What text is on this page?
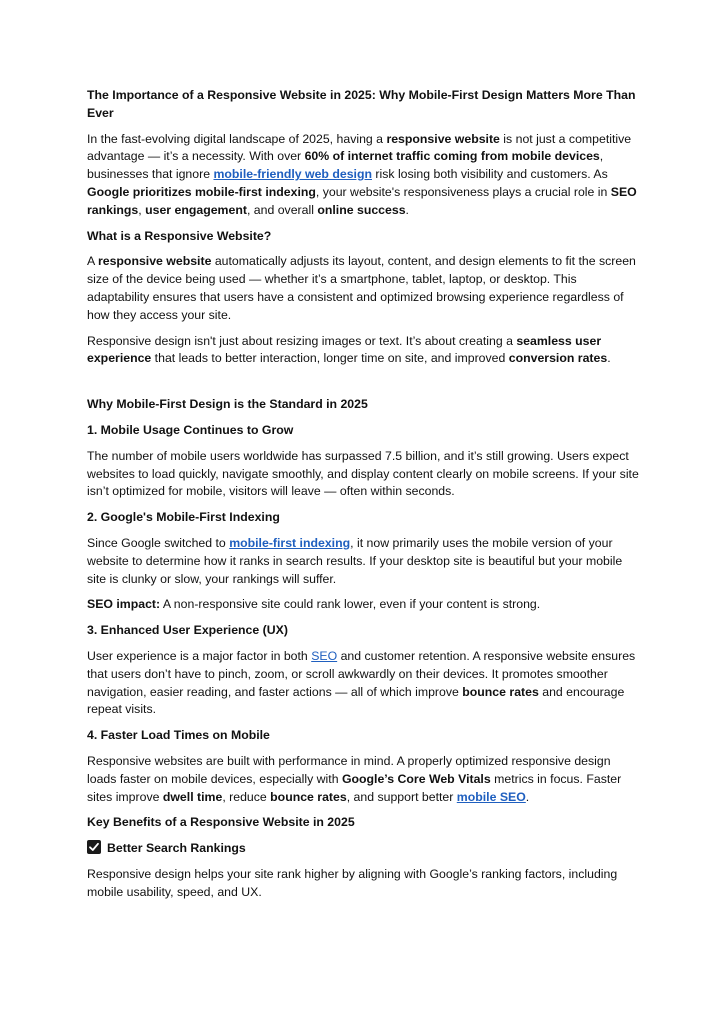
The Importance of a Responsive Website in 2025: Why Mobile-First Design Matters More Than Ever

In the fast-evolving digital landscape of 2025, having a responsive website is not just a competitive advantage — it’s a necessity. With over 60% of internet traffic coming from mobile devices, businesses that ignore mobile-friendly web design risk losing both visibility and customers. As Google prioritizes mobile-first indexing, your website's responsiveness plays a crucial role in SEO rankings, user engagement, and overall online success.

What is a Responsive Website?

A responsive website automatically adjusts its layout, content, and design elements to fit the screen size of the device being used — whether it’s a smartphone, tablet, laptop, or desktop. This adaptability ensures that users have a consistent and optimized browsing experience regardless of how they access your site.

Responsive design isn't just about resizing images or text. It’s about creating a seamless user experience that leads to better interaction, longer time on site, and improved conversion rates.

Why Mobile-First Design is the Standard in 2025

1. Mobile Usage Continues to Grow

The number of mobile users worldwide has surpassed 7.5 billion, and it’s still growing. Users expect websites to load quickly, navigate smoothly, and display content clearly on mobile screens. If your site isn’t optimized for mobile, visitors will leave — often within seconds.

2. Google's Mobile-First Indexing

Since Google switched to mobile-first indexing, it now primarily uses the mobile version of your website to determine how it ranks in search results. If your desktop site is beautiful but your mobile site is clunky or slow, your rankings will suffer.

SEO impact: A non-responsive site could rank lower, even if your content is strong.

3. Enhanced User Experience (UX)

User experience is a major factor in both SEO and customer retention. A responsive website ensures that users don’t have to pinch, zoom, or scroll awkwardly on their devices. It promotes smoother navigation, easier reading, and faster actions — all of which improve bounce rates and encourage repeat visits.

4. Faster Load Times on Mobile

Responsive websites are built with performance in mind. A properly optimized responsive design loads faster on mobile devices, especially with Google’s Core Web Vitals metrics in focus. Faster sites improve dwell time, reduce bounce rates, and support better mobile SEO.

Key Benefits of a Responsive Website in 2025

Better Search Rankings

Responsive design helps your site rank higher by aligning with Google’s ranking factors, including mobile usability, speed, and UX.
